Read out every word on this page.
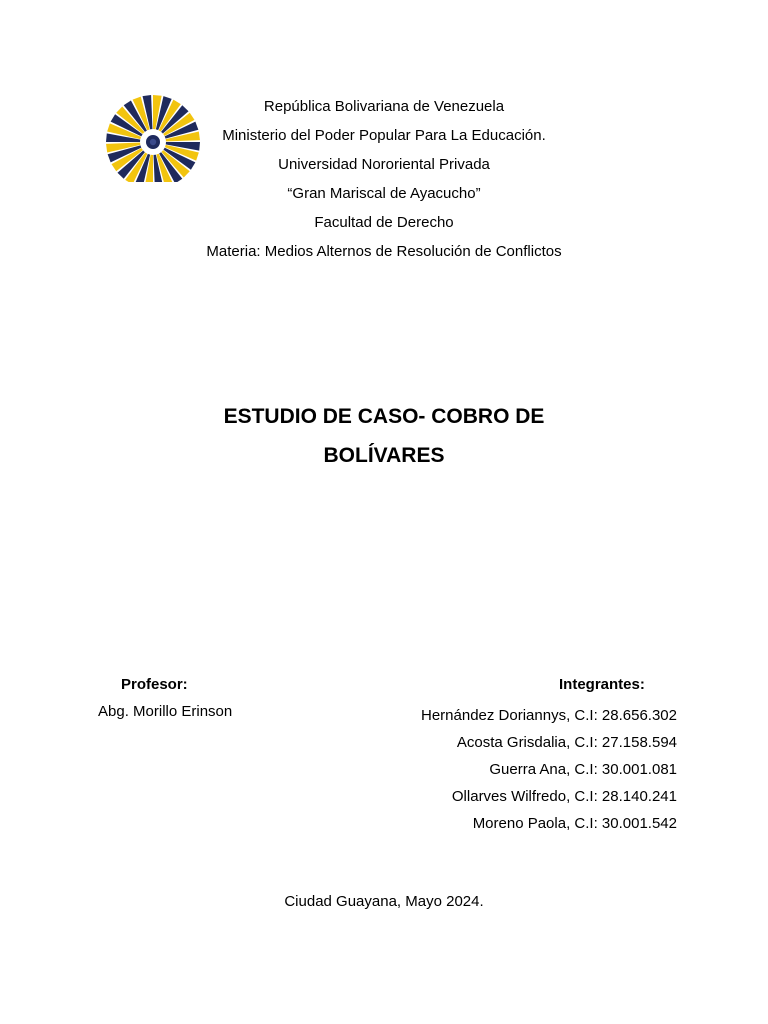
República Bolivariana de Venezuela
Ministerio del Poder Popular Para La Educación.
Universidad Nororiental Privada
“Gran Mariscal de Ayacucho”
Facultad de Derecho
Materia: Medios Alternos de Resolución de Conflictos
ESTUDIO DE CASO- COBRO DE
BOLÍVARES
Profesor:
Abg. Morillo Erinson
Integrantes:
Hernández Doriannys, C.I: 28.656.302
Acosta Grisdalia, C.I: 27.158.594
Guerra Ana, C.I: 30.001.081
Ollarves Wilfredo, C.I: 28.140.241
Moreno Paola, C.I: 30.001.542
Ciudad Guayana, Mayo 2024.
